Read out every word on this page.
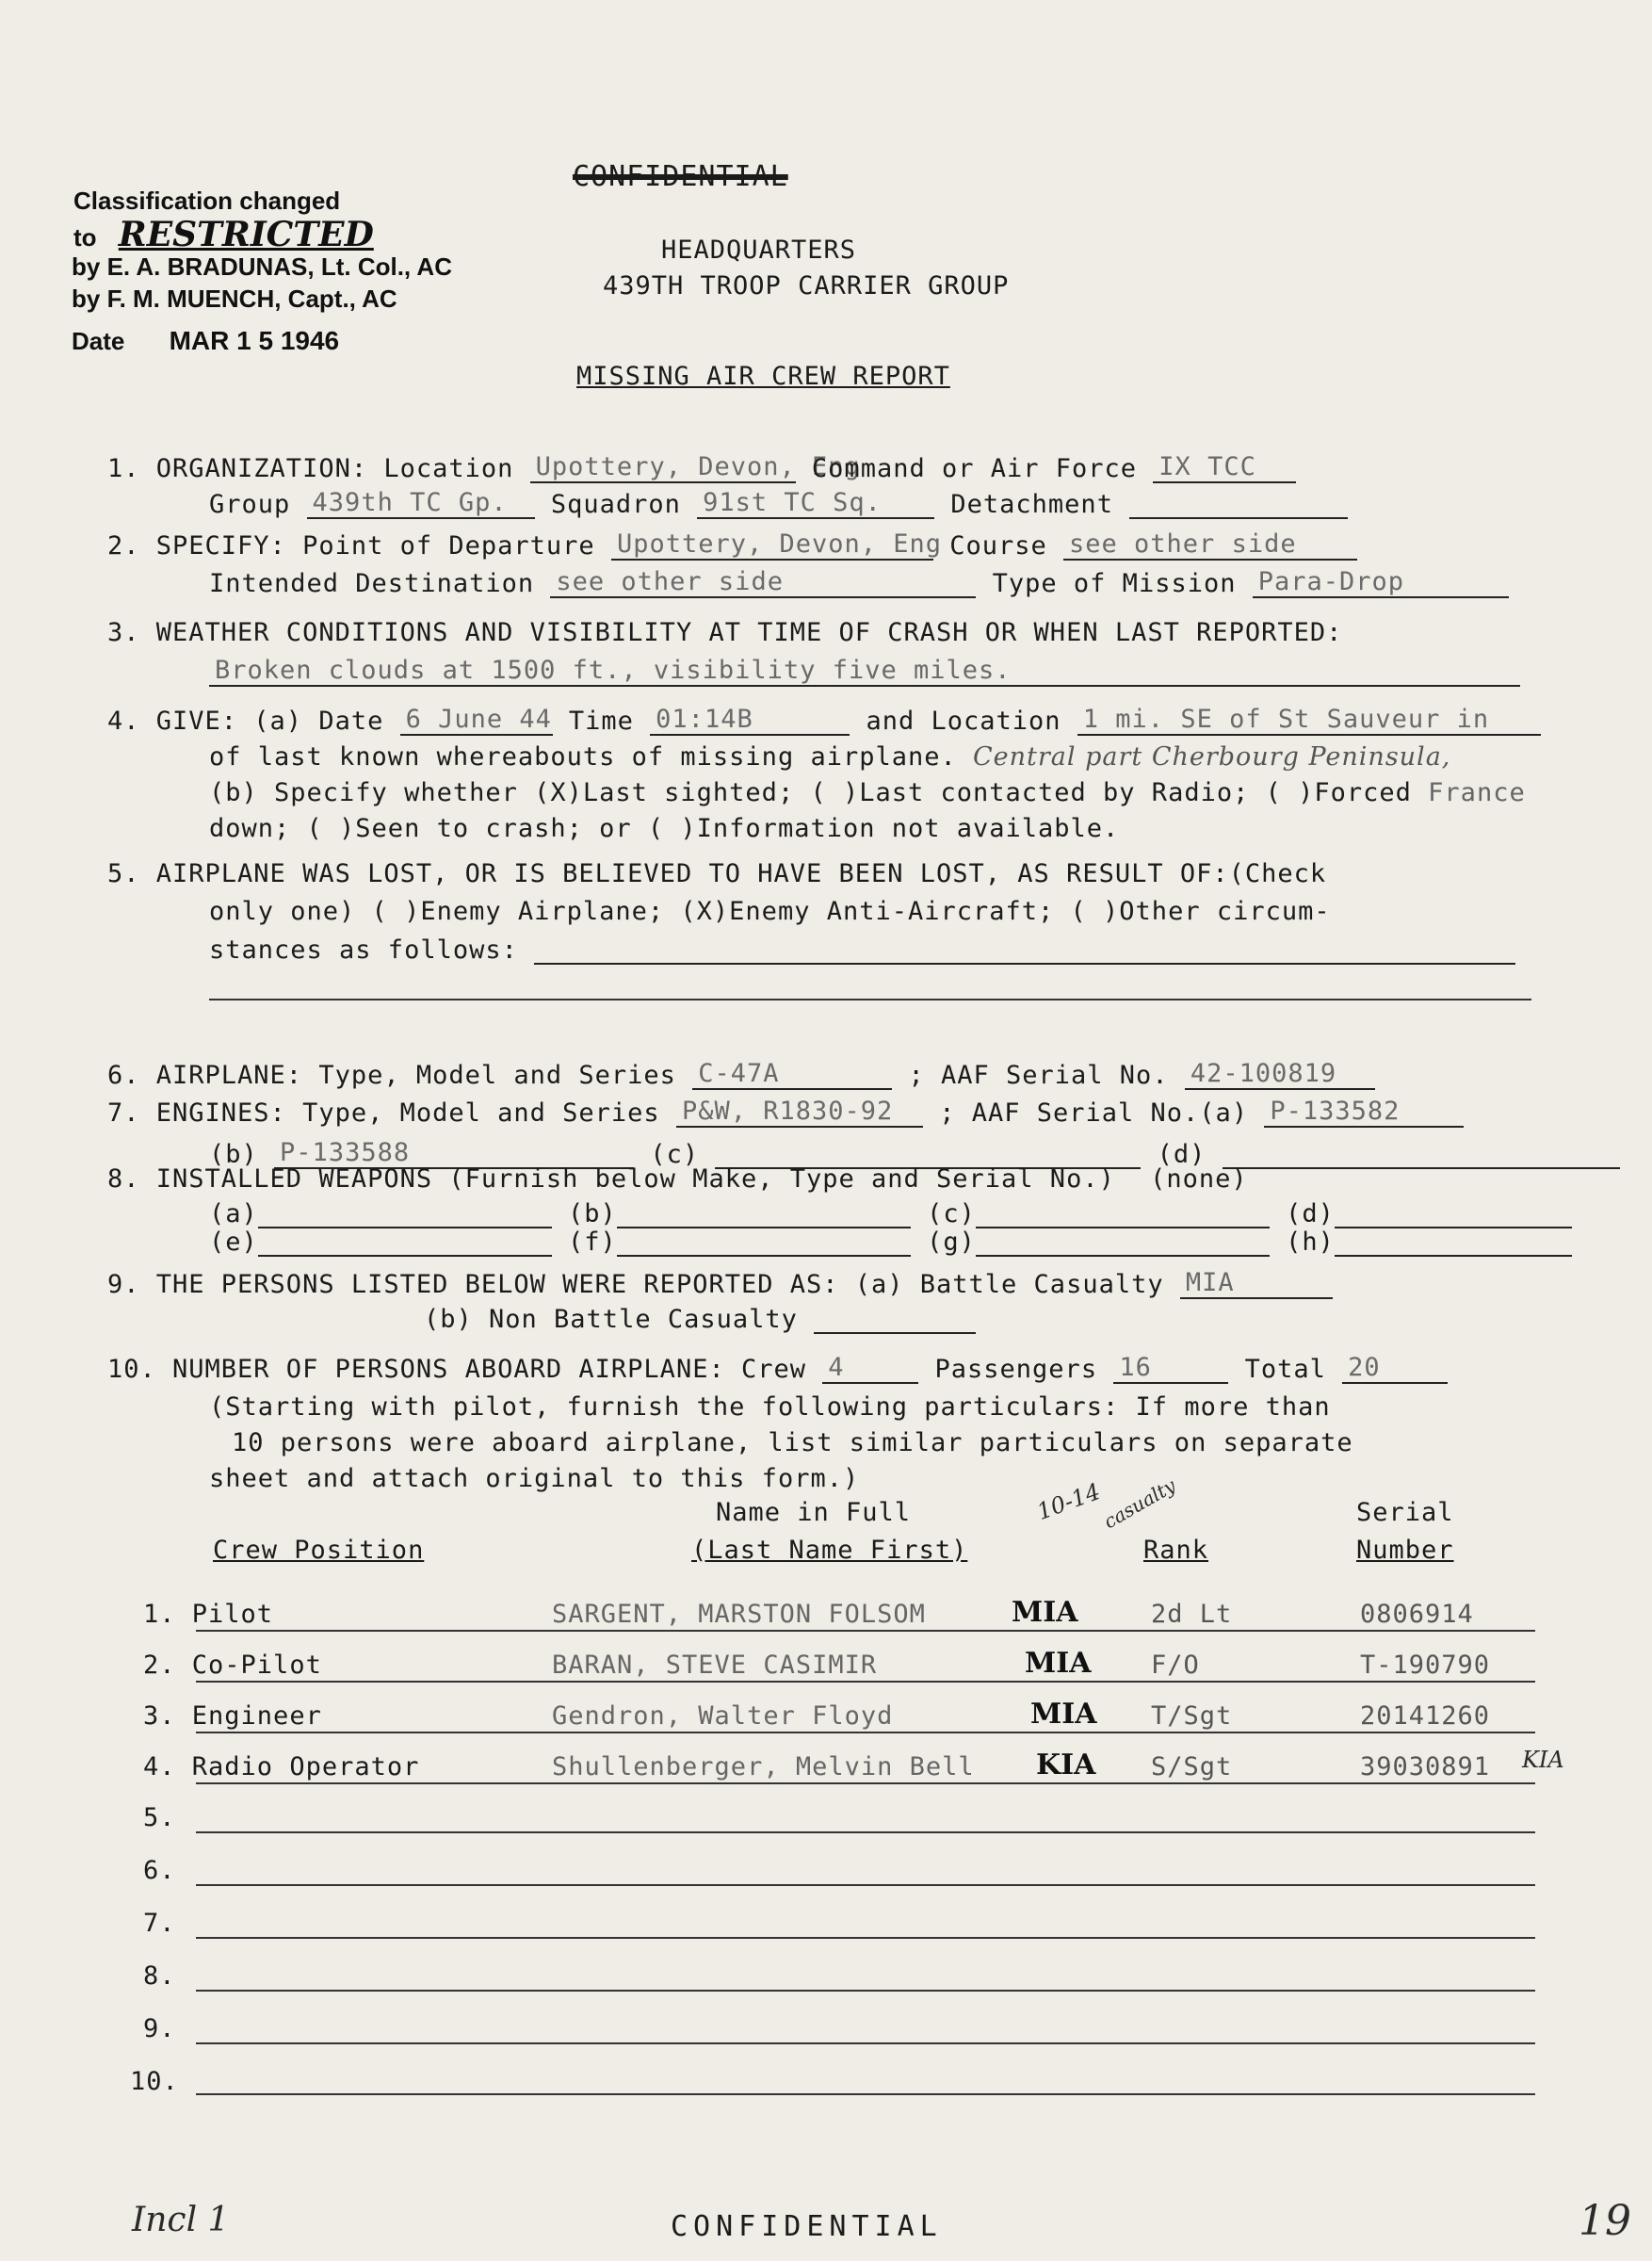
CONFIDENTIAL
Classification changed
to RESTRICTED
by E. A. BRADUNAS, Lt. Col., AC
by F. M. MUENCH, Capt., AC
Date MAR 1 5 1946
HEADQUARTERS
439TH TROOP CARRIER GROUP
MISSING AIR CREW REPORT
1. ORGANIZATION: Location Upottery, Devon, Eng Command or Air Force IX TCC
Group 439th TC Gp. Squadron 91st TC Sq.	Detachment
2. SPECIFY: Point of Departure Upottery, Devon, Eng Course see other side
Intended Destination see other side	Type of Mission Para-Drop
3. WEATHER CONDITIONS AND VISIBILITY AT TIME OF CRASH OR WHEN LAST REPORTED:
Broken clouds at 1500 ft., visibility five miles.
4. GIVE: (a) Date 6 June 44 Time 01:14B	and Location 1 mi. SE of St Sauveur in
of last known whereabouts of missing airplane. Central part Cherbourg Peninsula,
(b) Specify whether (X)Last sighted; ( )Last contacted by Radio; ( )Forced France
down; ( )Seen to crash; or ( )Information not available.
5. AIRPLANE WAS LOST, OR IS BELIEVED TO HAVE BEEN LOST, AS RESULT OF:(Check
only one) ( )Enemy Airplane; (X)Enemy Anti-Aircraft; ( )Other circum-
stances as follows:
6. AIRPLANE: Type, Model and Series C-47A	; AAF Serial No. 42-100819
7. ENGINES: Type, Model and Series P&W, R1830-92 ; AAF Serial No.(a) P-133582
(b) P-133588	(c)	(d)
8. INSTALLED WEAPONS (Furnish below Make, Type and Serial No.) (none)
(a)	(b)	(c)	(d)
(e)	(f)	(g)	(h)
9. THE PERSONS LISTED BELOW WERE REPORTED AS: (a) Battle Casualty MIA
(b) Non Battle Casualty
10. NUMBER OF PERSONS ABOARD AIRPLANE: Crew 4	Passengers 16	Total 20
(Starting with pilot, furnish the following particulars: If more than
10 persons were aboard airplane, list similar particulars on separate
sheet and attach original to this form.)
Name in Full	Serial
Crew Position	(Last Name First)	Rank	Number
10-14
casualty
1. Pilot	SARGENT, MARSTON FOLSOM	MIA	2d Lt	0806914
2. Co-Pilot	BARAN, STEVE CASIMIR	MIA F/O	T-190790
3. Engineer	Gendron, Walter Floyd	MIA T/Sgt	20141260
4. Radio Operator	Shullenberger, Melvin Bell KIA S/Sgt	39030891 KIA
5.
6.
7.
8.
9.
10.
Incl 1	CONFIDENTIAL	19
